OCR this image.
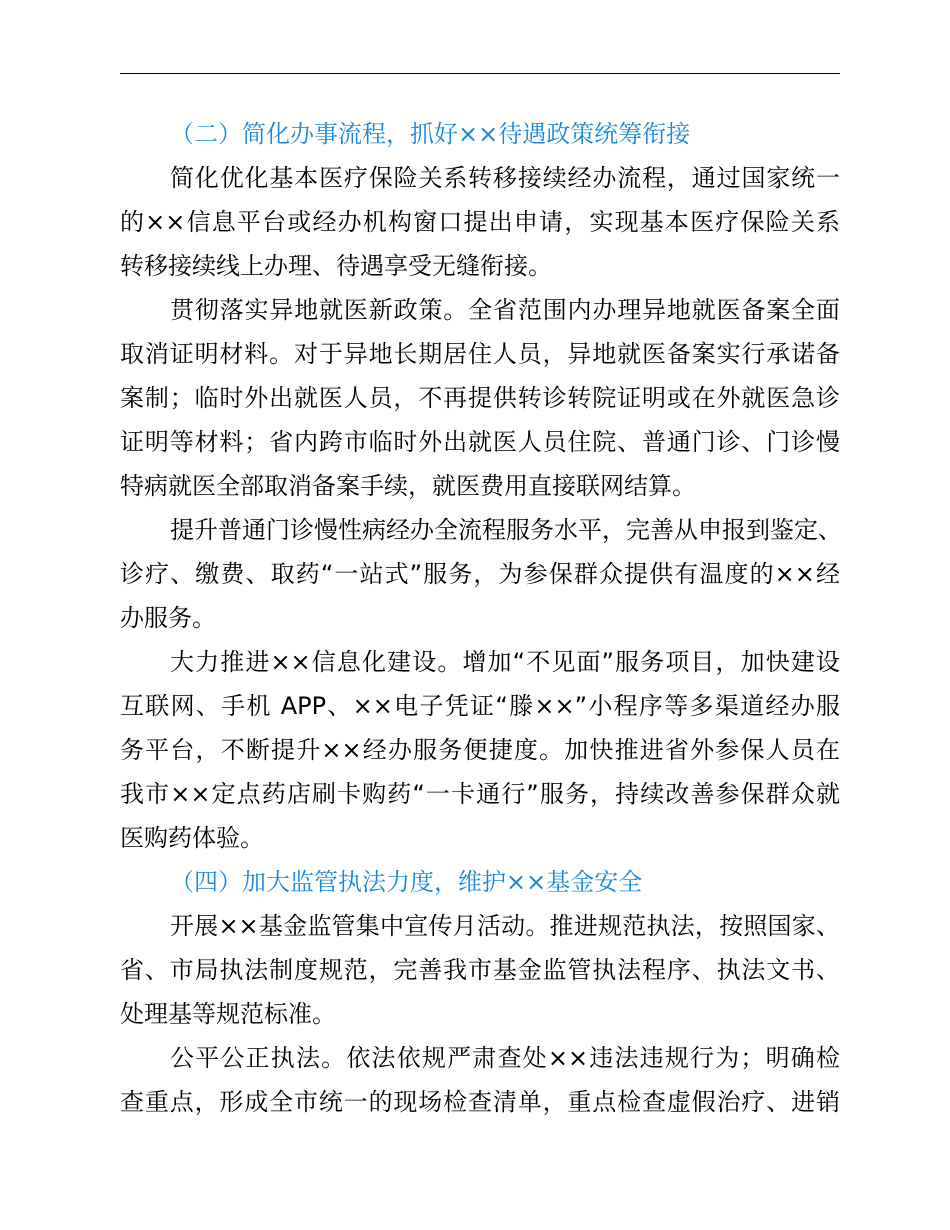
（二）简化办事流程，抓好××待遇政策统筹衔接
简化优化基本医疗保险关系转移接续经办流程，通过国家统一
的××信息平台或经办机构窗口提出申请，实现基本医疗保险关系
转移接续线上办理、待遇享受无缝衔接。
贯彻落实异地就医新政策。全省范围内办理异地就医备案全面
取消证明材料。对于异地长期居住人员，异地就医备案实行承诺备
案制；临时外出就医人员，不再提供转诊转院证明或在外就医急诊
证明等材料；省内跨市临时外出就医人员住院、普通门诊、门诊慢
特病就医全部取消备案手续，就医费用直接联网结算。
提升普通门诊慢性病经办全流程服务水平，完善从申报到鉴定、
诊疗、缴费、取药“一站式”服务，为参保群众提供有温度的××经
办服务。
大力推进××信息化建设。增加“不见面”服务项目，加快建设
互联网、手机 APP、××电子凭证“滕××”小程序等多渠道经办服
务平台，不断提升××经办服务便捷度。加快推进省外参保人员在
我市××定点药店刷卡购药“一卡通行”服务，持续改善参保群众就
医购药体验。
（四）加大监管执法力度，维护××基金安全
开展××基金监管集中宣传月活动。推进规范执法，按照国家、
省、市局执法制度规范，完善我市基金监管执法程序、执法文书、
处理基等规范标准。
公平公正执法。依法依规严肃查处××违法违规行为；明确检
查重点，形成全市统一的现场检查清单，重点检查虚假治疗、进销
